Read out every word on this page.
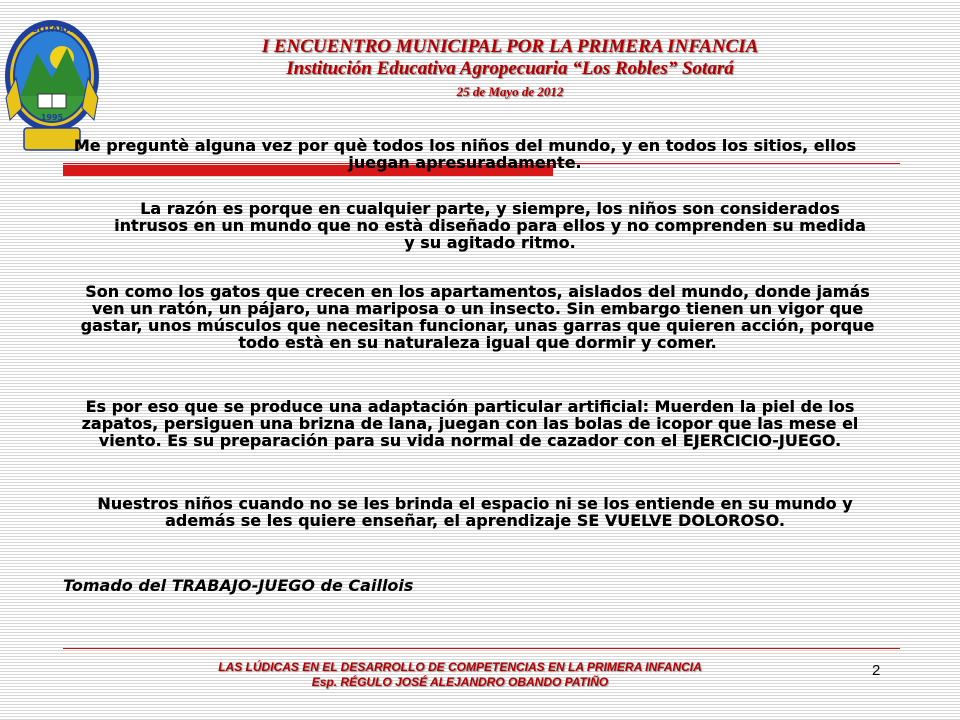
SOTARA
1995

I ENCUENTRO MUNICIPAL POR LA PRIMERA INFANCIA

Institución Educativa Agropecuaria “Los Robles” Sotará

25 de Mayo de 2012

Me preguntè alguna vez por què todos los niños del mundo, y en todos los sitios, ellos juegan apresuradamente.

La razón es porque en cualquier parte, y siempre, los niños son considerados intrusos en un mundo que no està diseñado para ellos y no comprenden su medida y su agitado ritmo.

Son como los gatos que crecen en los apartamentos, aislados del mundo, donde jamás ven un ratón, un pájaro, una mariposa o un insecto. Sin embargo tienen un vigor que gastar, unos músculos que necesitan funcionar, unas garras que quieren acción, porque todo està en su naturaleza igual que dormir y comer.

Es por eso que se produce una adaptación particular artificial: Muerden la piel de los zapatos, persiguen una brizna de lana, juegan con las bolas de icopor que las mese el viento. Es su preparación para su vida normal de cazador con el EJERCICIO-JUEGO.

Nuestros niños cuando no se les brinda el espacio ni se los entiende en su mundo y además se les quiere enseñar, el aprendizaje SE VUELVE DOLOROSO.

Tomado del TRABAJO-JUEGO de Caillois

LAS LÚDICAS EN EL DESARROLLO DE COMPETENCIAS EN LA PRIMERA INFANCIA

Esp. RÉGULO JOSÉ ALEJANDRO OBANDO PATIÑO

2
